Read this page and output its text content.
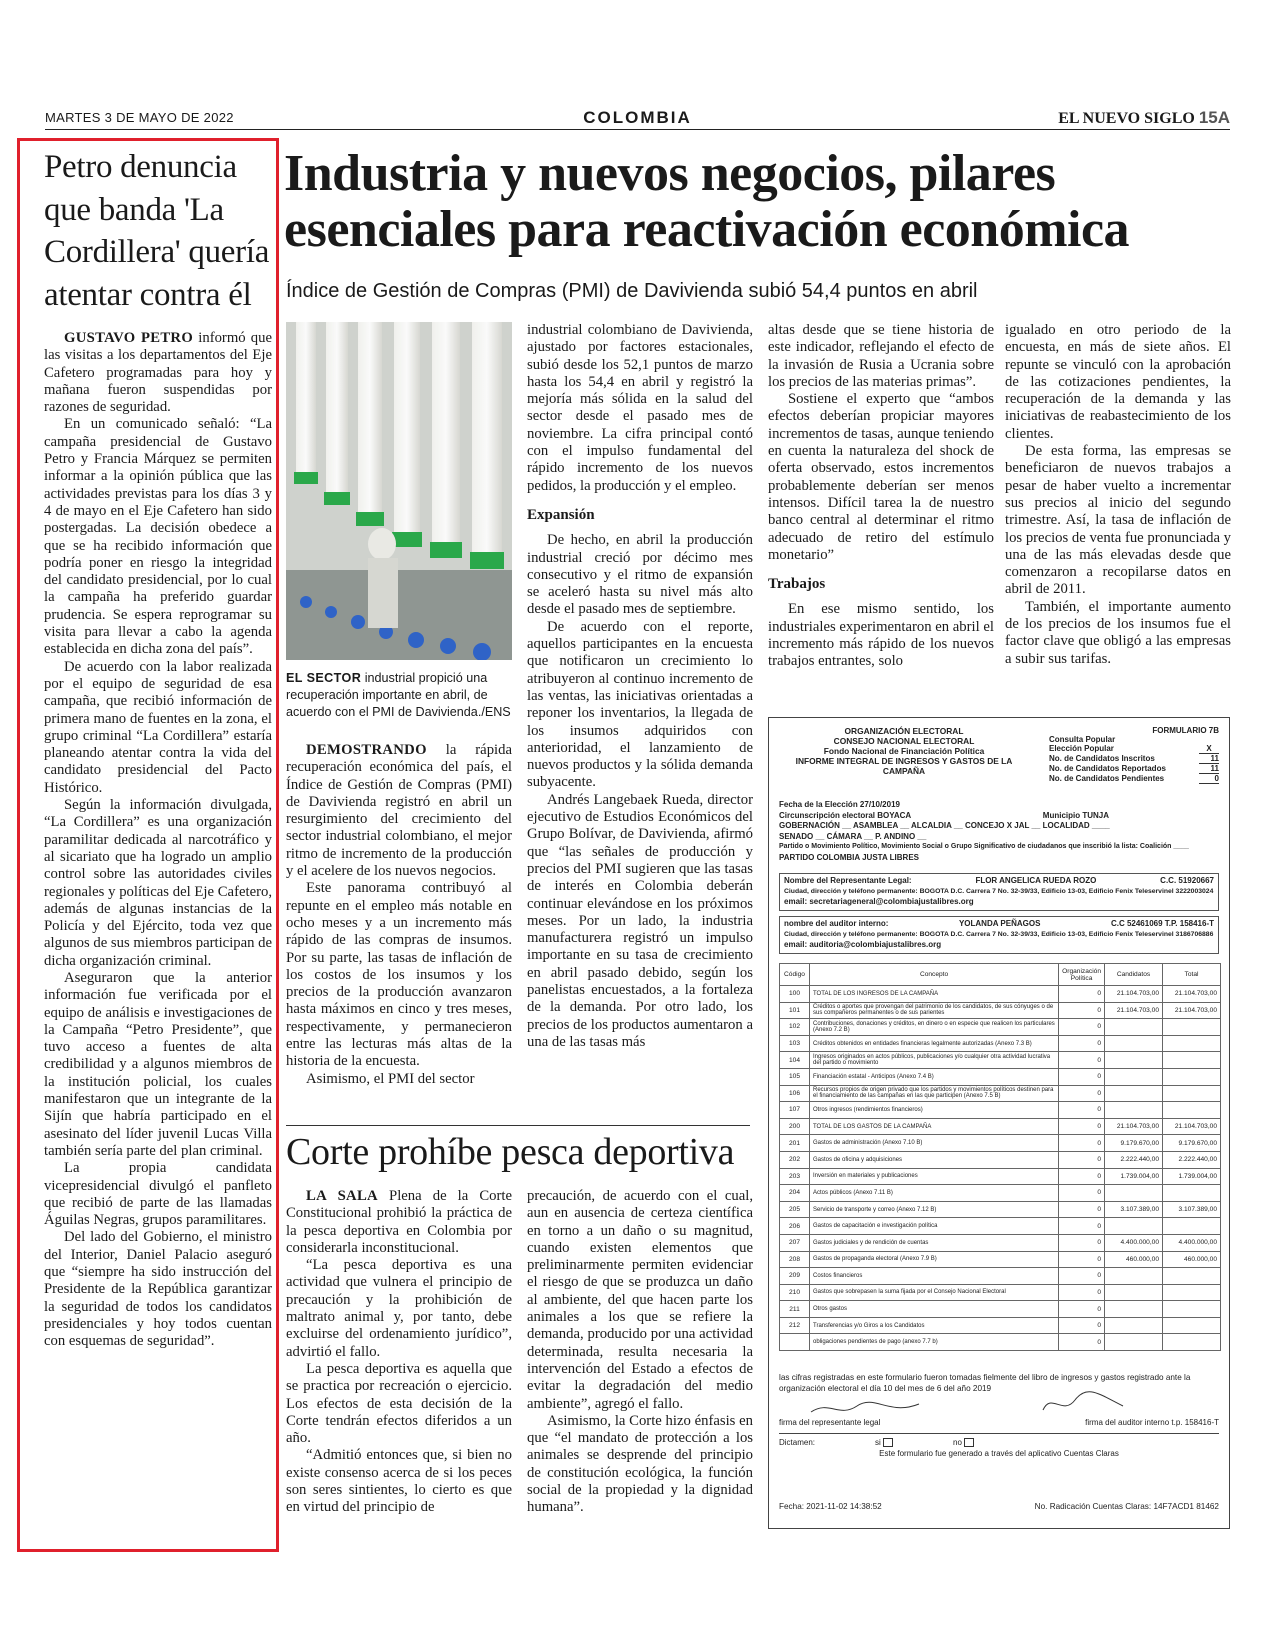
MARTES 3 DE MAYO DE 2022	COLOMBIA	EL NUEVO SIGLO 15A
Petro denuncia que banda 'La Cordillera' quería atentar contra él

GUSTAVO PETRO informó que las visitas a los departamentos del Eje Cafetero programadas para hoy y mañana fueron suspendidas por razones de seguridad.

En un comunicado señaló: “La campaña presidencial de Gustavo Petro y Francia Márquez se permiten informar a la opinión pública que las actividades previstas para los días 3 y 4 de mayo en el Eje Cafetero han sido postergadas. La decisión obedece a que se ha recibido información que podría poner en riesgo la integridad del candidato presidencial, por lo cual la campaña ha preferido guardar prudencia. Se espera reprogramar su visita para llevar a cabo la agenda establecida en dicha zona del país”.

De acuerdo con la labor realizada por el equipo de seguridad de esa campaña, que recibió información de primera mano de fuentes en la zona, el grupo criminal “La Cordillera” estaría planeando atentar contra la vida del candidato presidencial del Pacto Histórico.

Según la información divulgada, “La Cordillera” es una organización paramilitar dedicada al narcotráfico y al sicariato que ha logrado un amplio control sobre las autoridades civiles regionales y políticas del Eje Cafetero, además de algunas instancias de la Policía y del Ejército, toda vez que algunos de sus miembros participan de dicha organización criminal.

Aseguraron que la anterior información fue verificada por el equipo de análisis e investigaciones de la Campaña “Petro Presidente”, que tuvo acceso a fuentes de alta credibilidad y a algunos miembros de la institución policial, los cuales manifestaron que un integrante de la Sijín que habría participado en el asesinato del líder juvenil Lucas Villa también sería parte del plan criminal.

La propia candidata vicepresidencial divulgó el panfleto que recibió de parte de las llamadas Águilas Negras, grupos paramilitares.

Del lado del Gobierno, el ministro del Interior, Daniel Palacio aseguró que “siempre ha sido instrucción del Presidente de la República garantizar la seguridad de todos los candidatos presidenciales y hoy todos cuentan con esquemas de seguridad”.

Industria y nuevos negocios, pilares esenciales para reactivación económica
Índice de Gestión de Compras (PMI) de Davivienda subió 54,4 puntos en abril
EL SECTOR industrial propició una recuperación importante en abril, de acuerdo con el PMI de Davivienda./ENS

DEMOSTRANDO la rápida recuperación económica del país, el Índice de Gestión de Compras (PMI) de Davivienda registró en abril un resurgimiento del crecimiento del sector industrial colombiano, el mejor ritmo de incremento de la producción y el acelere de los nuevos negocios.

Este panorama contribuyó al repunte en el empleo más notable en ocho meses y a un incremento más rápido de las compras de insumos. Por su parte, las tasas de inflación de los costos de los insumos y los precios de la producción avanzaron hasta máximos en cinco y tres meses, respectivamente, y permanecieron entre las lecturas más altas de la historia de la encuesta.

Asimismo, el PMI del sector

industrial colombiano de Davivienda, ajustado por factores estacionales, subió desde los 52,1 puntos de marzo hasta los 54,4 en abril y registró la mejoría más sólida en la salud del sector desde el pasado mes de noviembre. La cifra principal contó con el impulso fundamental del rápido incremento de los nuevos pedidos, la producción y el empleo.
Expansión

De hecho, en abril la producción industrial creció por décimo mes consecutivo y el ritmo de expansión se aceleró hasta su nivel más alto desde el pasado mes de septiembre.

De acuerdo con el reporte, aquellos participantes en la encuesta que notificaron un crecimiento lo atribuyeron al continuo incremento de las ventas, las iniciativas orientadas a reponer los inventarios, la llegada de los insumos adquiridos con anterioridad, el lanzamiento de nuevos productos y la sólida demanda subyacente.

Andrés Langebaek Rueda, director ejecutivo de Estudios Económicos del Grupo Bolívar, de Davivienda, afirmó que “las señales de producción y precios del PMI sugieren que las tasas de interés en Colombia deberán continuar elevándose en los próximos meses. Por un lado, la industria manufacturera registró un impulso importante en su tasa de crecimiento en abril pasado debido, según los panelistas encuestados, a la fortaleza de la demanda. Por otro lado, los precios de los productos aumentaron a una de las tasas más

altas desde que se tiene historia de este indicador, reflejando el efecto de la invasión de Rusia a Ucrania sobre los precios de las materias primas”.

Sostiene el experto que “ambos efectos deberían propiciar mayores incrementos de tasas, aunque teniendo en cuenta la naturaleza del shock de oferta observado, estos incrementos probablemente deberían ser menos intensos. Difícil tarea la de nuestro banco central al determinar el ritmo adecuado de retiro del estímulo monetario”

Trabajos

En ese mismo sentido, los industriales experimentaron en abril el incremento más rápido de los nuevos trabajos entrantes, solo

igualado en otro periodo de la encuesta, en más de siete años. El repunte se vinculó con la aprobación de las cotizaciones pendientes, la recuperación de la demanda y las iniciativas de reabastecimiento de los clientes.

De esta forma, las empresas se beneficiaron de nuevos trabajos a pesar de haber vuelto a incrementar sus precios al inicio del segundo trimestre. Así, la tasa de inflación de los precios de venta fue pronunciada y una de las más elevadas desde que comenzaron a recopilarse datos en abril de 2011.

También, el importante aumento de los precios de los insumos fue el factor clave que obligó a las empresas a subir sus tarifas.

Corte prohíbe pesca deportiva

LA SALA Plena de la Corte Constitucional prohibió la práctica de la pesca deportiva en Colombia por considerarla inconstitucional.

“La pesca deportiva es una actividad que vulnera el principio de precaución y la prohibición de maltrato animal y, por tanto, debe excluirse del ordenamiento jurídico”, advirtió el fallo.

La pesca deportiva es aquella que se practica por recreación o ejercicio. Los efectos de esta decisión de la Corte tendrán efectos diferidos a un año.

“Admitió entonces que, si bien no existe consenso acerca de si los peces son seres sintientes, lo cierto es que en virtud del principio de

precaución, de acuerdo con el cual, aun en ausencia de certeza científica en torno a un daño o su magnitud, cuando existen elementos que preliminarmente permiten evidenciar el riesgo de que se produzca un daño al ambiente, del que hacen parte los animales a los que se refiere la demanda, producido por una actividad determinada, resulta necesaria la intervención del Estado a efectos de evitar la degradación del medio ambiente”, agregó el fallo.

Asimismo, la Corte hizo énfasis en que “el mandato de protección a los animales se desprende del principio de constitución ecológica, la función social de la propiedad y la dignidad humana”.

ORGANIZACIÓN ELECTORAL
CONSEJO NACIONAL ELECTORAL
Fondo Nacional de Financiación Política
INFORME INTEGRAL DE INGRESOS Y GASTOS DE LA CAMPAÑA
FORMULARIO 7B
Consulta Popular
Elección Popular	X
No. de Candidatos Inscritos	11
No. de Candidatos Reportados	11
No. de Candidatos Pendientes	0
Fecha de la Elección 27/10/2019
Circunscripción electoral BOYACA	Municipio TUNJA
GOBERNACIÓN __ ASAMBLEA __ ALCALDIA __ CONCEJO X JAL __ LOCALIDAD ____
SENADO __ CÁMARA __ P. ANDINO __
Partido o Movimiento Político, Movimiento Social o Grupo Significativo de ciudadanos que inscribió la lista: Coalición ____
PARTIDO COLOMBIA JUSTA LIBRES
Nombre del Representante Legal:	FLOR ANGELICA RUEDA ROZO	C.C. 51920667
Ciudad, dirección y teléfono permanente: BOGOTA D.C. Carrera 7 No. 32-39/33, Edificio 13-03, Edificio Fenix Teleservinel 3222003024
email: secretariageneral@colombiajustalibres.org
nombre del auditor interno:	YOLANDA PEÑAGOS	C.C 52461069 T.P. 158416-T
Ciudad, dirección y teléfono permanente: BOGOTA D.C. Carrera 7 No. 32-39/33, Edificio 13-03, Edificio Fenix Teleservinel 3186706886
email: auditoria@colombiajustalibres.org
Código	Concepto	Organización Política	Candidatos	Total
100	TOTAL DE LOS INGRESOS DE LA CAMPAÑA	0	21.104.703,00	21.104.703,00
101	Créditos o aportes que provengan del patrimonio de los candidatos, de sus cónyuges o de sus compañeros permanentes o de sus parientes	0	21.104.703,00	21.104.703,00
102	Contribuciones, donaciones y créditos, en dinero o en especie que realicen los particulares (Anexo 7.2 B)	0		
103	Créditos obtenidos en entidades financieras legalmente autorizadas (Anexo 7.3 B)	0		
104	Ingresos originados en actos públicos, publicaciones y/o cualquier otra actividad lucrativa del partido o movimiento	0		
105	Financiación estatal - Anticipos (Anexo 7.4 B)	0		
106	Recursos propios de origen privado que los partidos y movimientos políticos destinen para el financiamiento de las campañas en las que participen (Anexo 7.5 B)	0		
107	Otros ingresos (rendimientos financieros)	0		
200	TOTAL DE LOS GASTOS DE LA CAMPAÑA	0	21.104.703,00	21.104.703,00
201	Gastos de administración (Anexo 7.10 B)	0	9.179.670,00	9.179.670,00
202	Gastos de oficina y adquisiciones	0	2.222.440,00	2.222.440,00
203	Inversión en materiales y publicaciones	0	1.739.004,00	1.739.004,00
204	Actos públicos (Anexo 7.11 B)	0		
205	Servicio de transporte y correo (Anexo 7.12 B)	0	3.107.389,00	3.107.389,00
206	Gastos de capacitación e investigación política	0		
207	Gastos judiciales y de rendición de cuentas	0	4.400.000,00	4.400.000,00
208	Gastos de propaganda electoral (Anexo 7.9 B)	0	460.000,00	460.000,00
209	Costos financieros	0		
210	Gastos que sobrepasen la suma fijada por el Consejo Nacional Electoral	0		
211	Otros gastos	0		
212	Transferencias y/o Giros a los Candidatos	0		
	obligaciones pendientes de pago (anexo 7.7 b)	0		
las cifras registradas en este formulario fueron tomadas fielmente del libro de ingresos y gastos registrado ante la organización electoral el día 10 del mes de 6 del año 2019
firma del representante legal	firma del auditor interno t.p. 158416-T
Dictamen:	si	no
Este formulario fue generado a través del aplicativo Cuentas Claras
Fecha: 2021-11-02 14:38:52	No. Radicación Cuentas Claras: 14F7ACD1 81462
